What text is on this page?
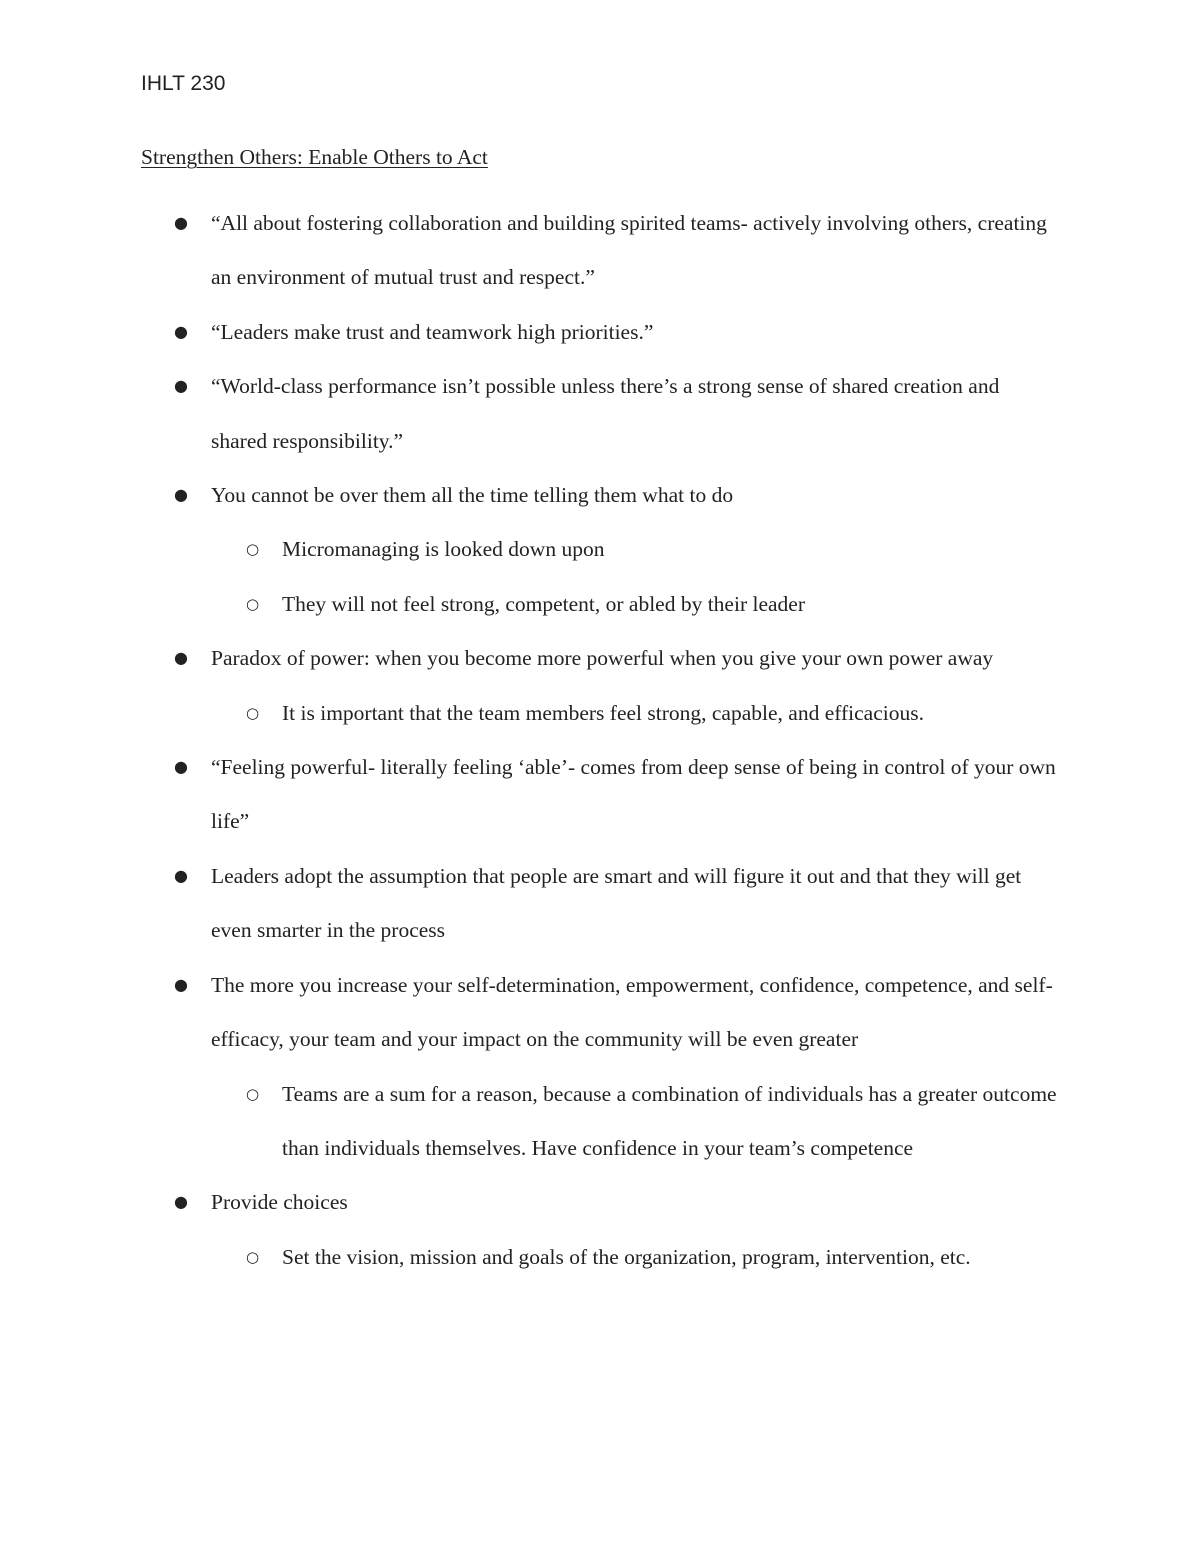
IHLT 230
Strengthen Others: Enable Others to Act
● “All about fostering collaboration and building spirited teams- actively involving others, creating an environment of mutual trust and respect.”
● “Leaders make trust and teamwork high priorities.”
● “World-class performance isn’t possible unless there’s a strong sense of shared creation and shared responsibility.”
● You cannot be over them all the time telling them what to do
○ Micromanaging is looked down upon
○ They will not feel strong, competent, or abled by their leader
● Paradox of power: when you become more powerful when you give your own power away
○ It is important that the team members feel strong, capable, and efficacious.
● “Feeling powerful- literally feeling ‘able’- comes from deep sense of being in control of your own life”
● Leaders adopt the assumption that people are smart and will figure it out and that they will get even smarter in the process
● The more you increase your self-determination, empowerment, confidence, competence, and self-efficacy, your team and your impact on the community will be even greater
○ Teams are a sum for a reason, because a combination of individuals has a greater outcome than individuals themselves. Have confidence in your team’s competence
● Provide choices
○ Set the vision, mission and goals of the organization, program, intervention, etc.
